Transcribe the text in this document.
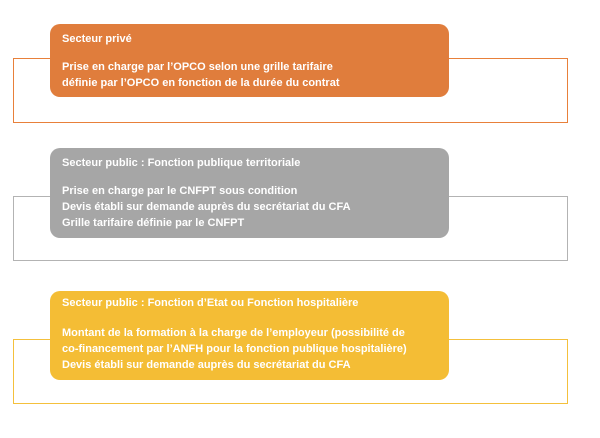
Secteur privé
Prise en charge par l’OPCO selon une grille tarifaire
définie par l’OPCO en fonction de la durée du contrat
Secteur public : Fonction publique territoriale
Prise en charge par le CNFPT sous condition
Devis établi sur demande auprès du secrétariat du CFA
Grille tarifaire définie par le CNFPT
Secteur public : Fonction d’Etat ou Fonction hospitalière
Montant de la formation à la charge de l’employeur (possibilité de
co-financement par l’ANFH pour la fonction publique hospitalière)
Devis établi sur demande auprès du secrétariat du CFA
